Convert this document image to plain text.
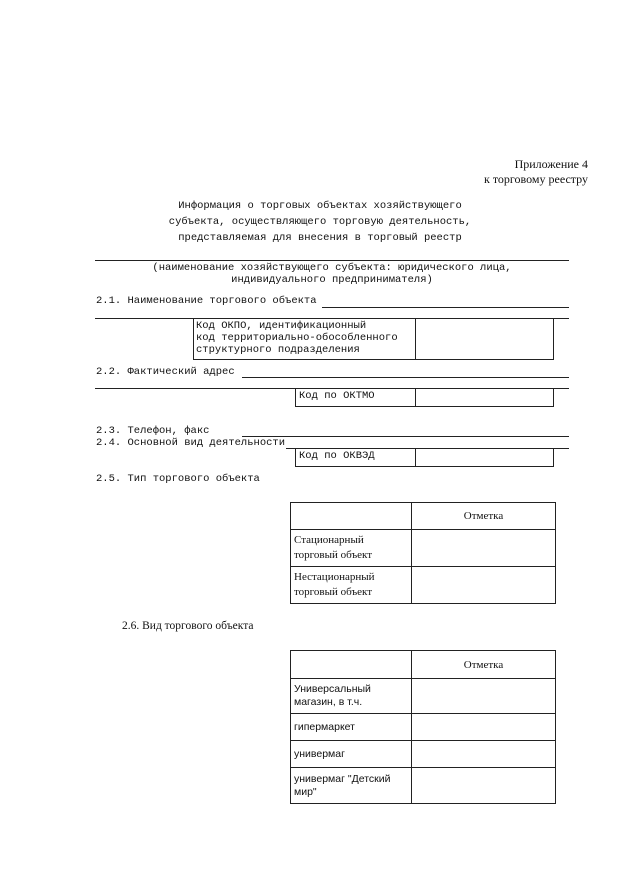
Приложение 4
к торговому реестру
Информация о торговых объектах хозяйствующего
субъекта, осуществляющего торговую деятельность,
представляемая для внесения в торговый реестр
(наименование хозяйствующего субъекта: юридического лица,
индивидуального предпринимателя)
2.1. Наименование торгового объекта
Код ОКПО, идентификационный
код территориально-обособленного
структурного подразделения
2.2. Фактический адрес
Код по ОКТМО
2.3. Телефон, факс
2.4. Основной вид деятельности
Код по ОКВЭД
2.5. Тип торгового объекта
	Отметка

Стационарный
торговый объект	

Нестационарный
торговый объект	

2.6. Вид торгового объекта
	Отметка

Универсальный
магазин, в т.ч.	

гипермаркет	

универмаг	

универмаг "Детский
мир"	
